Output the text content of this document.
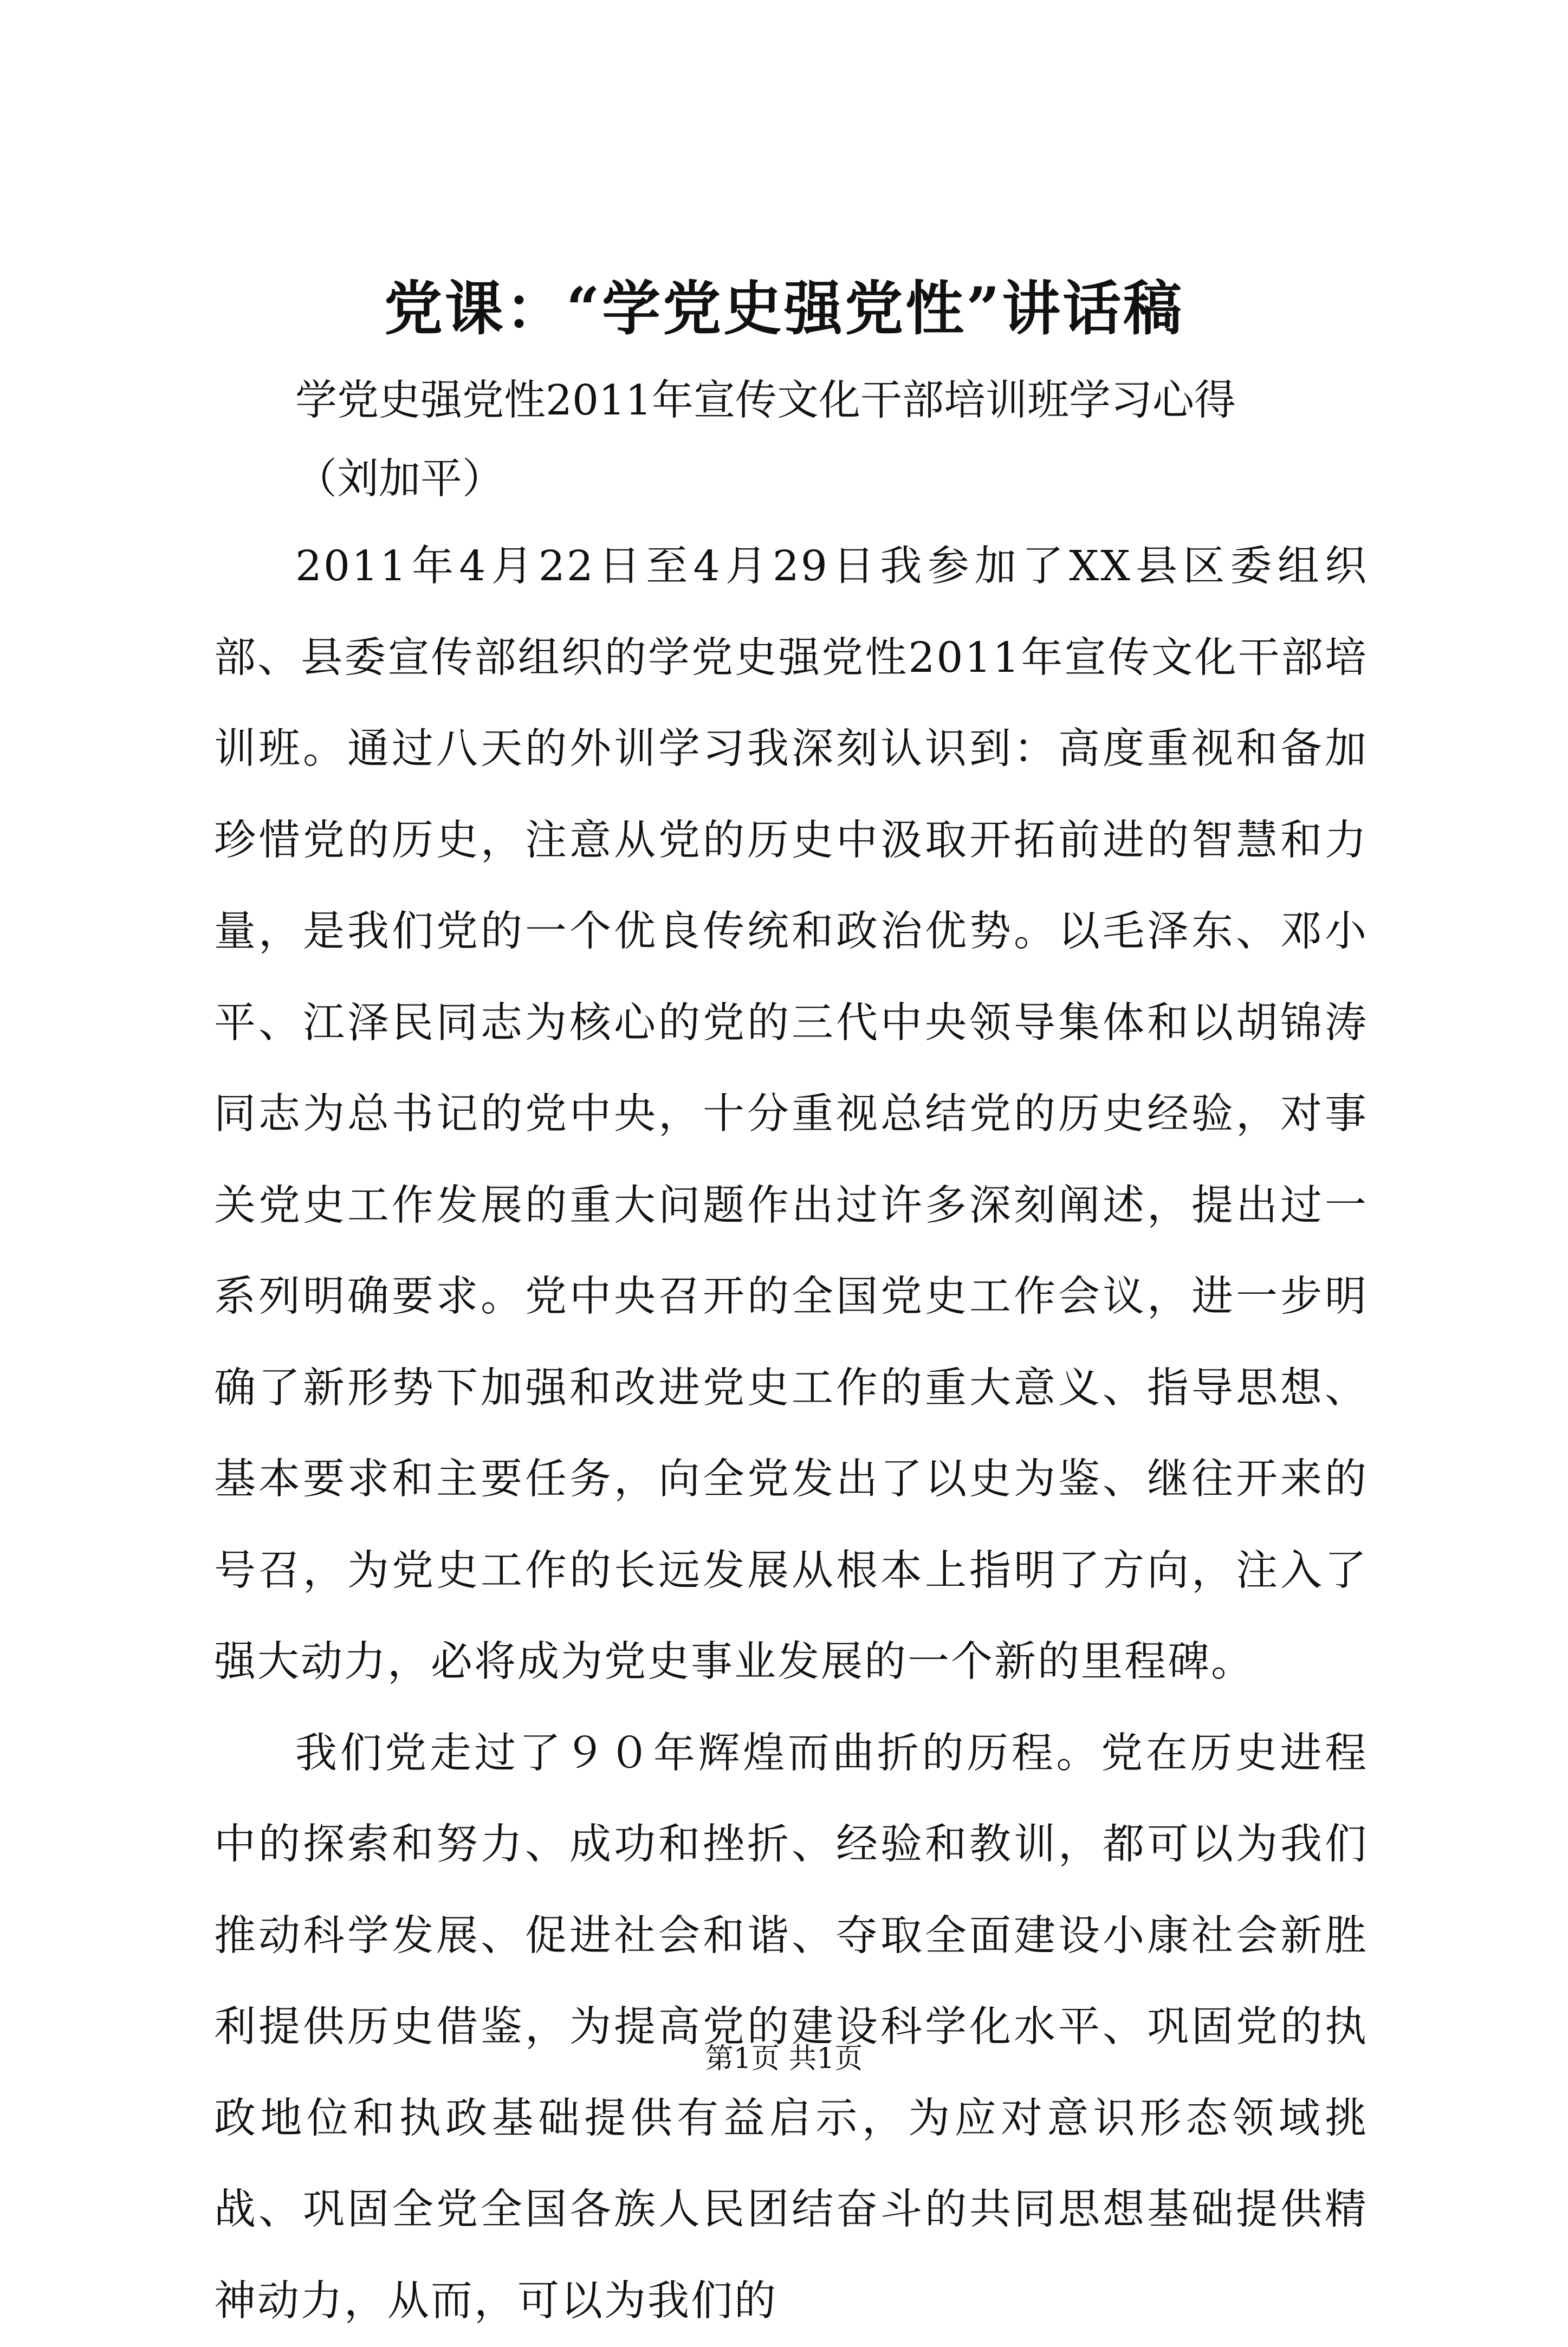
党课：“学党史强党性”讲话稿
学党史强党性2011年宣传文化干部培训班学习心得
（刘加平）

2011年4月22日至4月29日我参加了XX县区委组织部、县委宣传部组织的学党史强党性2011年宣传文化干部培训班。通过八天的外训学习我深刻认识到：高度重视和备加珍惜党的历史，注意从党的历史中汲取开拓前进的智慧和力量，是我们党的一个优良传统和政治优势。以毛泽东、邓小平、江泽民同志为核心的党的三代中央领导集体和以胡锦涛同志为总书记的党中央，十分重视总结党的历史经验，对事关党史工作发展的重大问题作出过许多深刻阐述，提出过一系列明确要求。党中央召开的全国党史工作会议，进一步明确了新形势下加强和改进党史工作的重大意义、指导思想、基本要求和主要任务，向全党发出了以史为鉴、继往开来的号召，为党史工作的长远发展从根本上指明了方向，注入了强大动力，必将成为党史事业发展的一个新的里程碑。

我们党走过了９０年辉煌而曲折的历程。党在历史进程中的探索和努力、成功和挫折、经验和教训，都可以为我们推动科学发展、促进社会和谐、夺取全面建设小康社会新胜利提供历史借鉴，为提高党的建设科学化水平、巩固党的执政地位和执政基础提供有益启示，为应对意识形态领域挑战、巩固全党全国各族人民团结奋斗的共同思想基础提供精神动力，从而，可以为我们的

第1页 共1页
